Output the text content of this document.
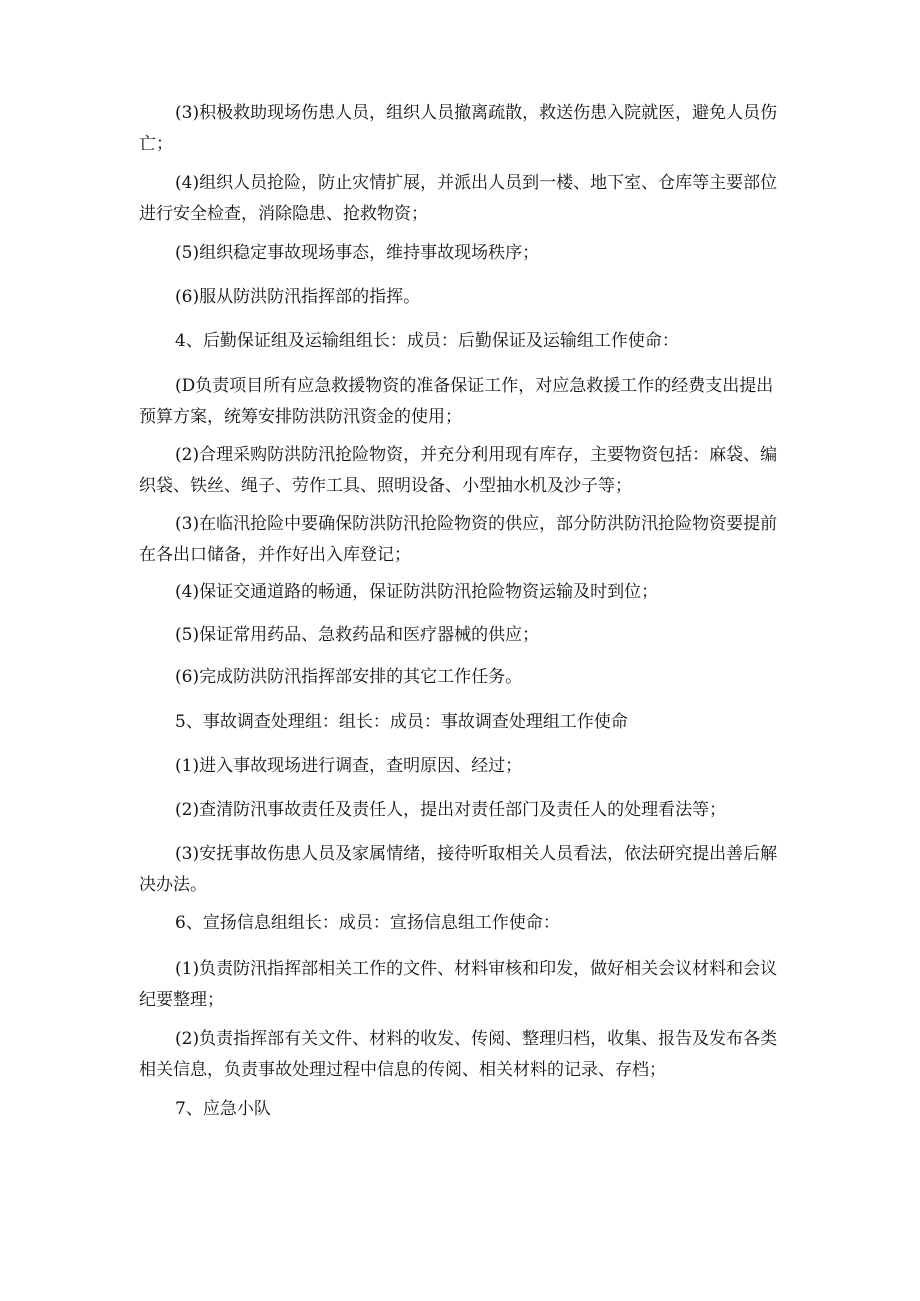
(3)积极救助现场伤患人员，组织人员撤离疏散，救送伤患入院就医，避免人员伤亡；

(4)组织人员抢险，防止灾情扩展，并派出人员到一楼、地下室、仓库等主要部位进行安全检查，消除隐患、抢救物资；

(5)组织稳定事故现场事态，维持事故现场秩序；

(6)服从防洪防汛指挥部的指挥。

4、后勤保证组及运输组组长：成员：后勤保证及运输组工作使命：

(D负责项目所有应急救援物资的准备保证工作，对应急救援工作的经费支出提出预算方案，统筹安排防洪防汛资金的使用；

(2)合理采购防洪防汛抢险物资，并充分利用现有库存，主要物资包括：麻袋、编织袋、铁丝、绳子、劳作工具、照明设备、小型抽水机及沙子等；

(3)在临汛抢险中要确保防洪防汛抢险物资的供应，部分防洪防汛抢险物资要提前在各出口储备，并作好出入库登记；

(4)保证交通道路的畅通，保证防洪防汛抢险物资运输及时到位；

(5)保证常用药品、急救药品和医疗器械的供应；

(6)完成防洪防汛指挥部安排的其它工作任务。

5、事故调查处理组：组长：成员：事故调查处理组工作使命

(1)进入事故现场进行调查，查明原因、经过；

(2)查清防汛事故责任及责任人，提出对责任部门及责任人的处理看法等；

(3)安抚事故伤患人员及家属情绪，接待听取相关人员看法，依法研究提出善后解决办法。

6、宣扬信息组组长：成员：宣扬信息组工作使命：

(1)负责防汛指挥部相关工作的文件、材料审核和印发，做好相关会议材料和会议纪要整理；

(2)负责指挥部有关文件、材料的收发、传阅、整理归档，收集、报告及发布各类相关信息，负责事故处理过程中信息的传阅、相关材料的记录、存档；

7、应急小队
